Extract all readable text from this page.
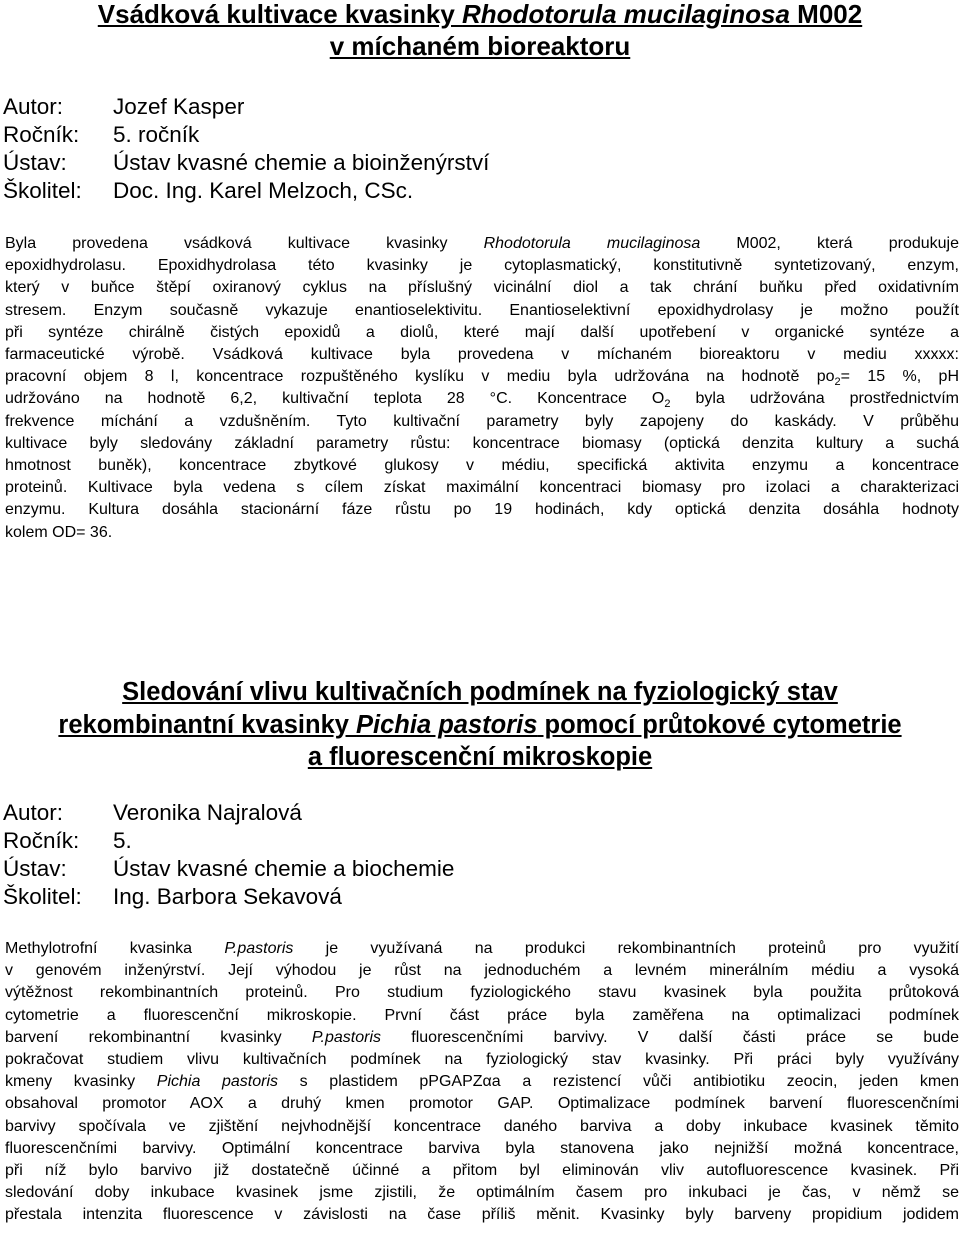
Vsádková kultivace kvasinky Rhodotorula mucilaginosa M002
v míchaném bioreaktoru
Autor: Jozef Kasper
Ročník: 5. ročník
Ústav: Ústav kvasné chemie a bioinženýrství
Školitel: Doc. Ing. Karel Melzoch, CSc.
Byla provedena vsádková kultivace kvasinky Rhodotorula mucilaginosa M002, která produkuje
epoxidhydrolasu. Epoxidhydrolasa této kvasinky je cytoplasmatický, konstitutivně syntetizovaný, enzym,
který v buňce štěpí oxiranový cyklus na příslušný vicinální diol a tak chrání buňku před oxidativním
stresem. Enzym současně vykazuje enantioselektivitu. Enantioselektivní epoxidhydrolasy je možno použít
při syntéze chirálně čistých epoxidů a diolů, které mají další upotřebení v organické syntéze a
farmaceutické výrobě. Vsádková kultivace byla provedena v míchaném bioreaktoru v mediu xxxxx:
pracovní objem 8 l, koncentrace rozpuštěného kyslíku v mediu byla udržována na hodnotě $po_2= 15$ %, pH
udržováno na hodnotě 6,2, kultivační teplota 28 °C. Koncentrace $O_2$ byla udržována prostřednictvím
frekvence míchání a vzdušněním. Tyto kultivační parametry byly zapojeny do kaskády. V průběhu
kultivace byly sledovány základní parametry růstu: koncentrace biomasy (optická denzita kultury a suchá
hmotnost buněk), koncentrace zbytkové glukosy v médiu, specifická aktivita enzymu a koncentrace
proteinů. Kultivace byla vedena s cílem získat maximální koncentraci biomasy pro izolaci a charakterizaci
enzymu. Kultura dosáhla stacionární fáze růstu po 19 hodinách, kdy optická denzita dosáhla hodnoty
kolem OD= 36.
Sledování vlivu kultivačních podmínek na fyziologický stav
rekombinantní kvasinky Pichia pastoris pomocí průtokové cytometrie
a fluorescenční mikroskopie
Autor: Veronika Najralová
Ročník: 5.
Ústav: Ústav kvasné chemie a biochemie
Školitel: Ing. Barbora Sekavová
Methylotrofní kvasinka P.pastoris je využívaná na produkci rekombinantních proteinů pro využití
v genovém inženýrství. Její výhodou je růst na jednoduchém a levném minerálním médiu a vysoká
výtěžnost rekombinantních proteinů. Pro studium fyziologického stavu kvasinek byla použita průtoková
cytometrie a fluorescenční mikroskopie. První část práce byla zaměřena na optimalizaci podmínek
barvení rekombinantní kvasinky P.pastoris fluorescenčními barvivy. V další části práce se bude
pokračovat studiem vlivu kultivačních podmínek na fyziologický stav kvasinky. Při práci byly využívány
kmeny kvasinky Pichia pastoris s plastidem pPGAPZαa a rezistencí vůči antibiotiku zeocin, jeden kmen
obsahoval promotor AOX a druhý kmen promotor GAP. Optimalizace podmínek barvení fluorescenčními
barvivy spočívala ve zjištění nejvhodnější koncentrace daného barviva a doby inkubace kvasinek těmito
fluorescenčními barvivy. Optimální koncentrace barviva byla stanovena jako nejnižší možná koncentrace,
při níž bylo barvivo již dostatečně účinné a přitom byl eliminován vliv autofluorescence kvasinek. Při
sledování doby inkubace kvasinek jsme zjistili, že optimálním časem pro inkubaci je čas, v němž se
přestala intenzita fluorescence v závislosti na čase příliš měnit. Kvasinky byly barveny propidium jodidem
